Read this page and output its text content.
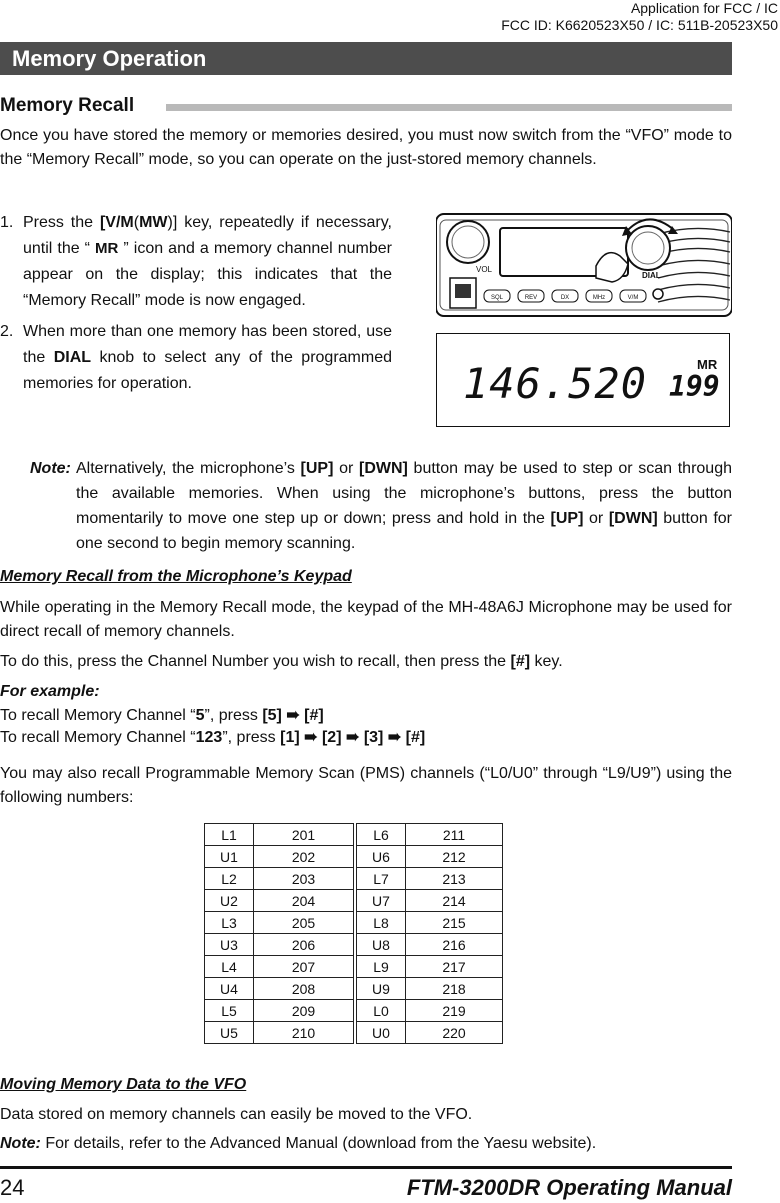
Application for FCC / IC
FCC ID: K6620523X50 / IC: 511B-20523X50
Memory Operation
Memory Recall

Once you have stored the memory or memories desired, you must now switch from the “VFO” mode to the “Memory Recall” mode, so you can operate on the just-stored memory channels.

1. Press the [V/M(MW)] key, repeatedly if necessary, until the “ MR ” icon and a memory channel number appear on the display; this indicates that the “Memory Recall” mode is now engaged.

2. When more than one memory has been stored, use the DIAL knob to select any of the programmed memories for operation.

VOL
DIAL
SQL	REV	DX	MHz	V/M
146.520	MR
199
Note: Alternatively, the microphone’s [UP] or [DWN] button may be used to step or scan through the available memories. When using the microphone’s buttons, press the button momentarily to move one step up or down; press and hold in the [UP] or [DWN] button for one second to begin memory scanning.

Memory Recall from the Microphone’s Keypad

While operating in the Memory Recall mode, the keypad of the MH-48A6J Microphone may be used for direct recall of memory channels.

To do this, press the Channel Number you wish to recall, then press the [#] key.

For example:

To recall Memory Channel “5”, press [5] ➠ [#]

To recall Memory Channel “123”, press [1] ➠ [2] ➠ [3] ➠ [#]

You may also recall Programmable Memory Scan (PMS) channels (“L0/U0” through “L9/U9”) using the following numbers:

L1	201	L6	211
U1	202	U6	212
L2	203	L7	213
U2	204	U7	214
L3	205	L8	215
U3	206	U8	216
L4	207	L9	217
U4	208	U9	218
L5	209	L0	219
U5	210	U0	220
Moving Memory Data to the VFO

Data stored on memory channels can easily be moved to the VFO.

Note: For details, refer to the Advanced Manual (download from the Yaesu website).

24	FTM-3200DR Operating Manual
